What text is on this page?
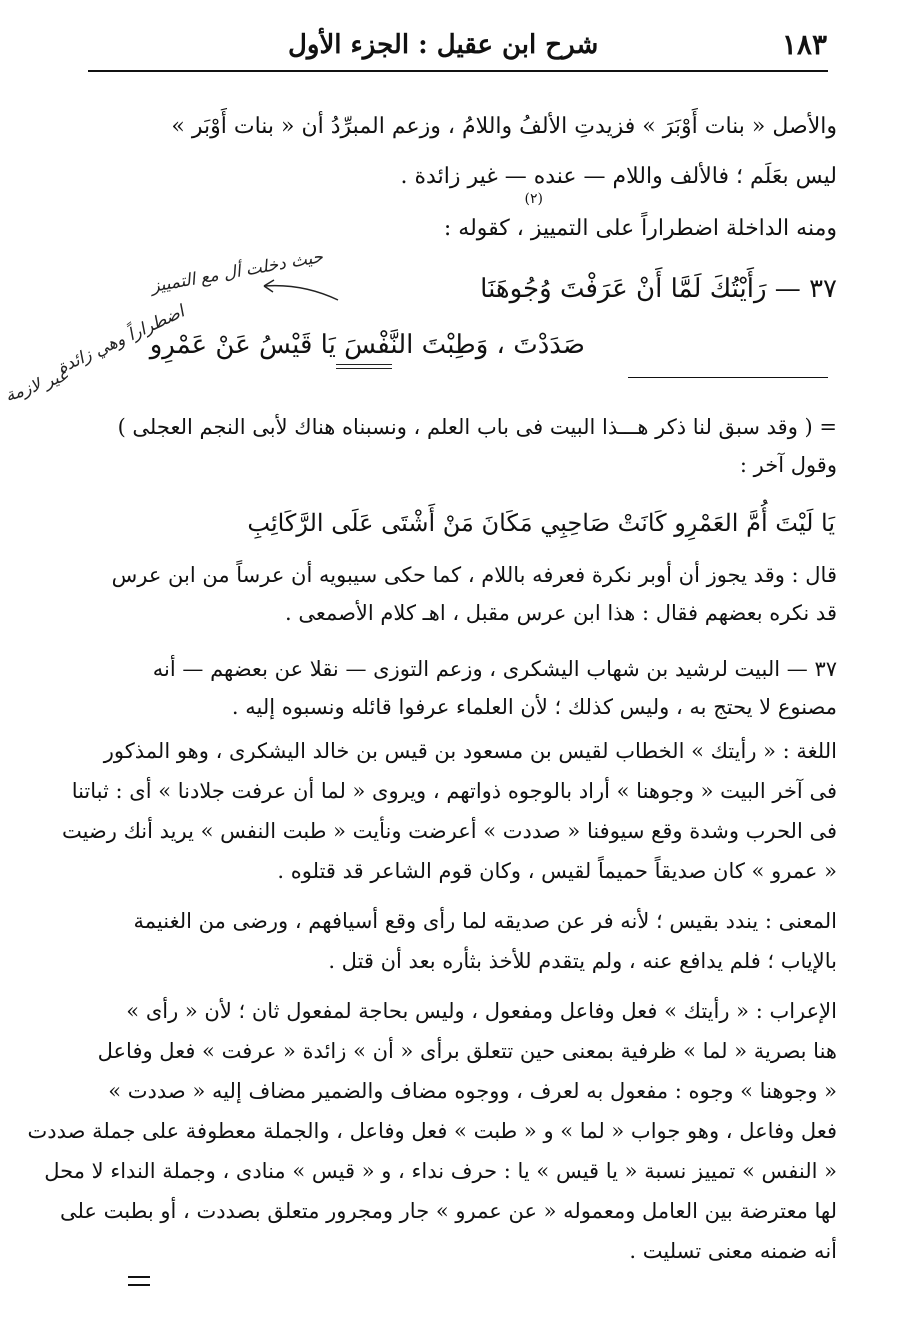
١٨٣
شرح ابن عقيل : الجزء الأول
والأصل « بنات أَوْبَرَ » فزيدتِ الألفُ واللامُ ، وزعم المبرِّدُ أن « بنات أَوْبَر »
ليس بعَلَم ؛ فالألف واللام — عنده — غير زائدة .
(٢)
ومنه الداخلة اضطراراً على التمييز ، كقوله :
٣٧ — رَأَيْتُكَ لَمَّا أَنْ عَرَفْتَ وُجُوهَنَا
صَدَدْتَ ، وَطِبْتَ النَّفْسَ يَا قَيْسُ عَنْ عَمْرِو
حيث دخلت أل مع التمييز
اضطراراً وهي زائدة
غير لازمة
= ( وقد سبق لنا ذكر هـــذا البيت فى باب العلم ، ونسبناه هناك لأبى النجم العجلى )
وقول آخر :
يَا لَيْتَ أُمَّ العَمْرِو كَانَتْ صَاحِبِي مَكَانَ مَنْ أَشْتَى عَلَى الرَّكَائِبِ
قال : وقد يجوز أن أوبر نكرة فعرفه باللام ، كما حكى سيبويه أن عرساً من ابن عرس
قد نكره بعضهم فقال : هذا ابن عرس مقبل ، اهـ كلام الأصمعى .
٣٧ — البيت لرشيد بن شهاب اليشكرى ، وزعم التوزى — نقلا عن بعضهم — أنه
مصنوع لا يحتج به ، وليس كذلك ؛ لأن العلماء عرفوا قائله ونسبوه إليه .
اللغة : « رأيتك » الخطاب لقيس بن مسعود بن قيس بن خالد اليشكرى ، وهو المذكور
فى آخر البيت « وجوهنا » أراد بالوجوه ذواتهم ، ويروى « لما أن عرفت جلادنا » أى : ثباتنا
فى الحرب وشدة وقع سيوفنا « صددت » أعرضت ونأيت « طبت النفس » يريد أنك رضيت
« عمرو » كان صديقاً حميماً لقيس ، وكان قوم الشاعر قد قتلوه .
المعنى : يندد بقيس ؛ لأنه فر عن صديقه لما رأى وقع أسيافهم ، ورضى من الغنيمة
بالإياب ؛ فلم يدافع عنه ، ولم يتقدم للأخذ بثأره بعد أن قتل .
الإعراب : « رأيتك » فعل وفاعل ومفعول ، وليس بحاجة لمفعول ثان ؛ لأن « رأى »
هنا بصرية « لما » ظرفية بمعنى حين تتعلق برأى « أن » زائدة « عرفت » فعل وفاعل
« وجوهنا » وجوه : مفعول به لعرف ، ووجوه مضاف والضمير مضاف إليه « صددت »
فعل وفاعل ، وهو جواب « لما » و « طبت » فعل وفاعل ، والجملة معطوفة على جملة صددت
« النفس » تمييز نسبة « يا قيس » يا : حرف نداء ، و « قيس » منادى ، وجملة النداء لا محل
لها معترضة بين العامل ومعموله « عن عمرو » جار ومجرور متعلق بصددت ، أو بطبت على
أنه ضمنه معنى تسليت .
